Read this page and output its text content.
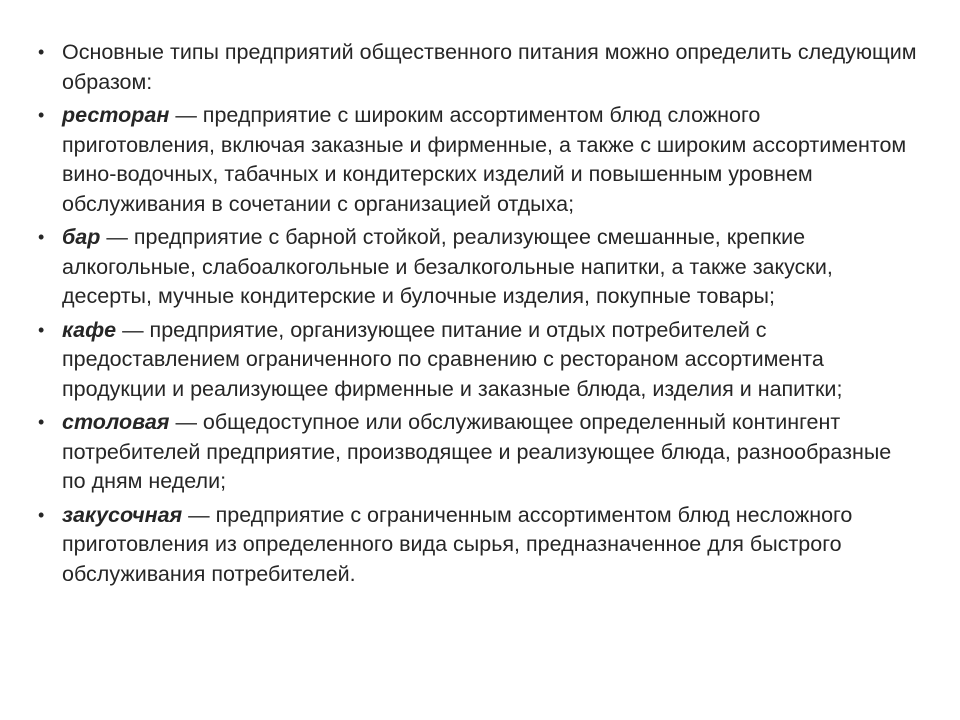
• Основные типы предприятий общественного питания можно определить следующим образом:
• ресторан — предприятие с широким ассортиментом блюд сложного приготовления, включая заказные и фирменные, а также с широким ассортиментом вино-водочных, табачных и кондитерских изделий и повышенным уровнем обслуживания в сочетании с организацией отдыха;
• бар — предприятие с барной стойкой, реализующее смешанные, крепкие алкогольные, слабоалкогольные и безалкогольные напитки, а также закуски, десерты, мучные кондитерские и булочные изделия, покупные товары;
• кафе — предприятие, организующее питание и отдых потребителей с предоставлением ограниченного по сравнению с рестораном ассортимента продукции и реализующее фирменные и заказные блюда, изделия и напитки;
• столовая — общедоступное или обслуживающее определенный контингент потребителей предприятие, производящее и реализующее блюда, разнообразные по дням недели;
• закусочная — предприятие с ограниченным ассортиментом блюд несложного приготовления из определенного вида сырья, предназначенное для быстрого обслуживания потребителей.
